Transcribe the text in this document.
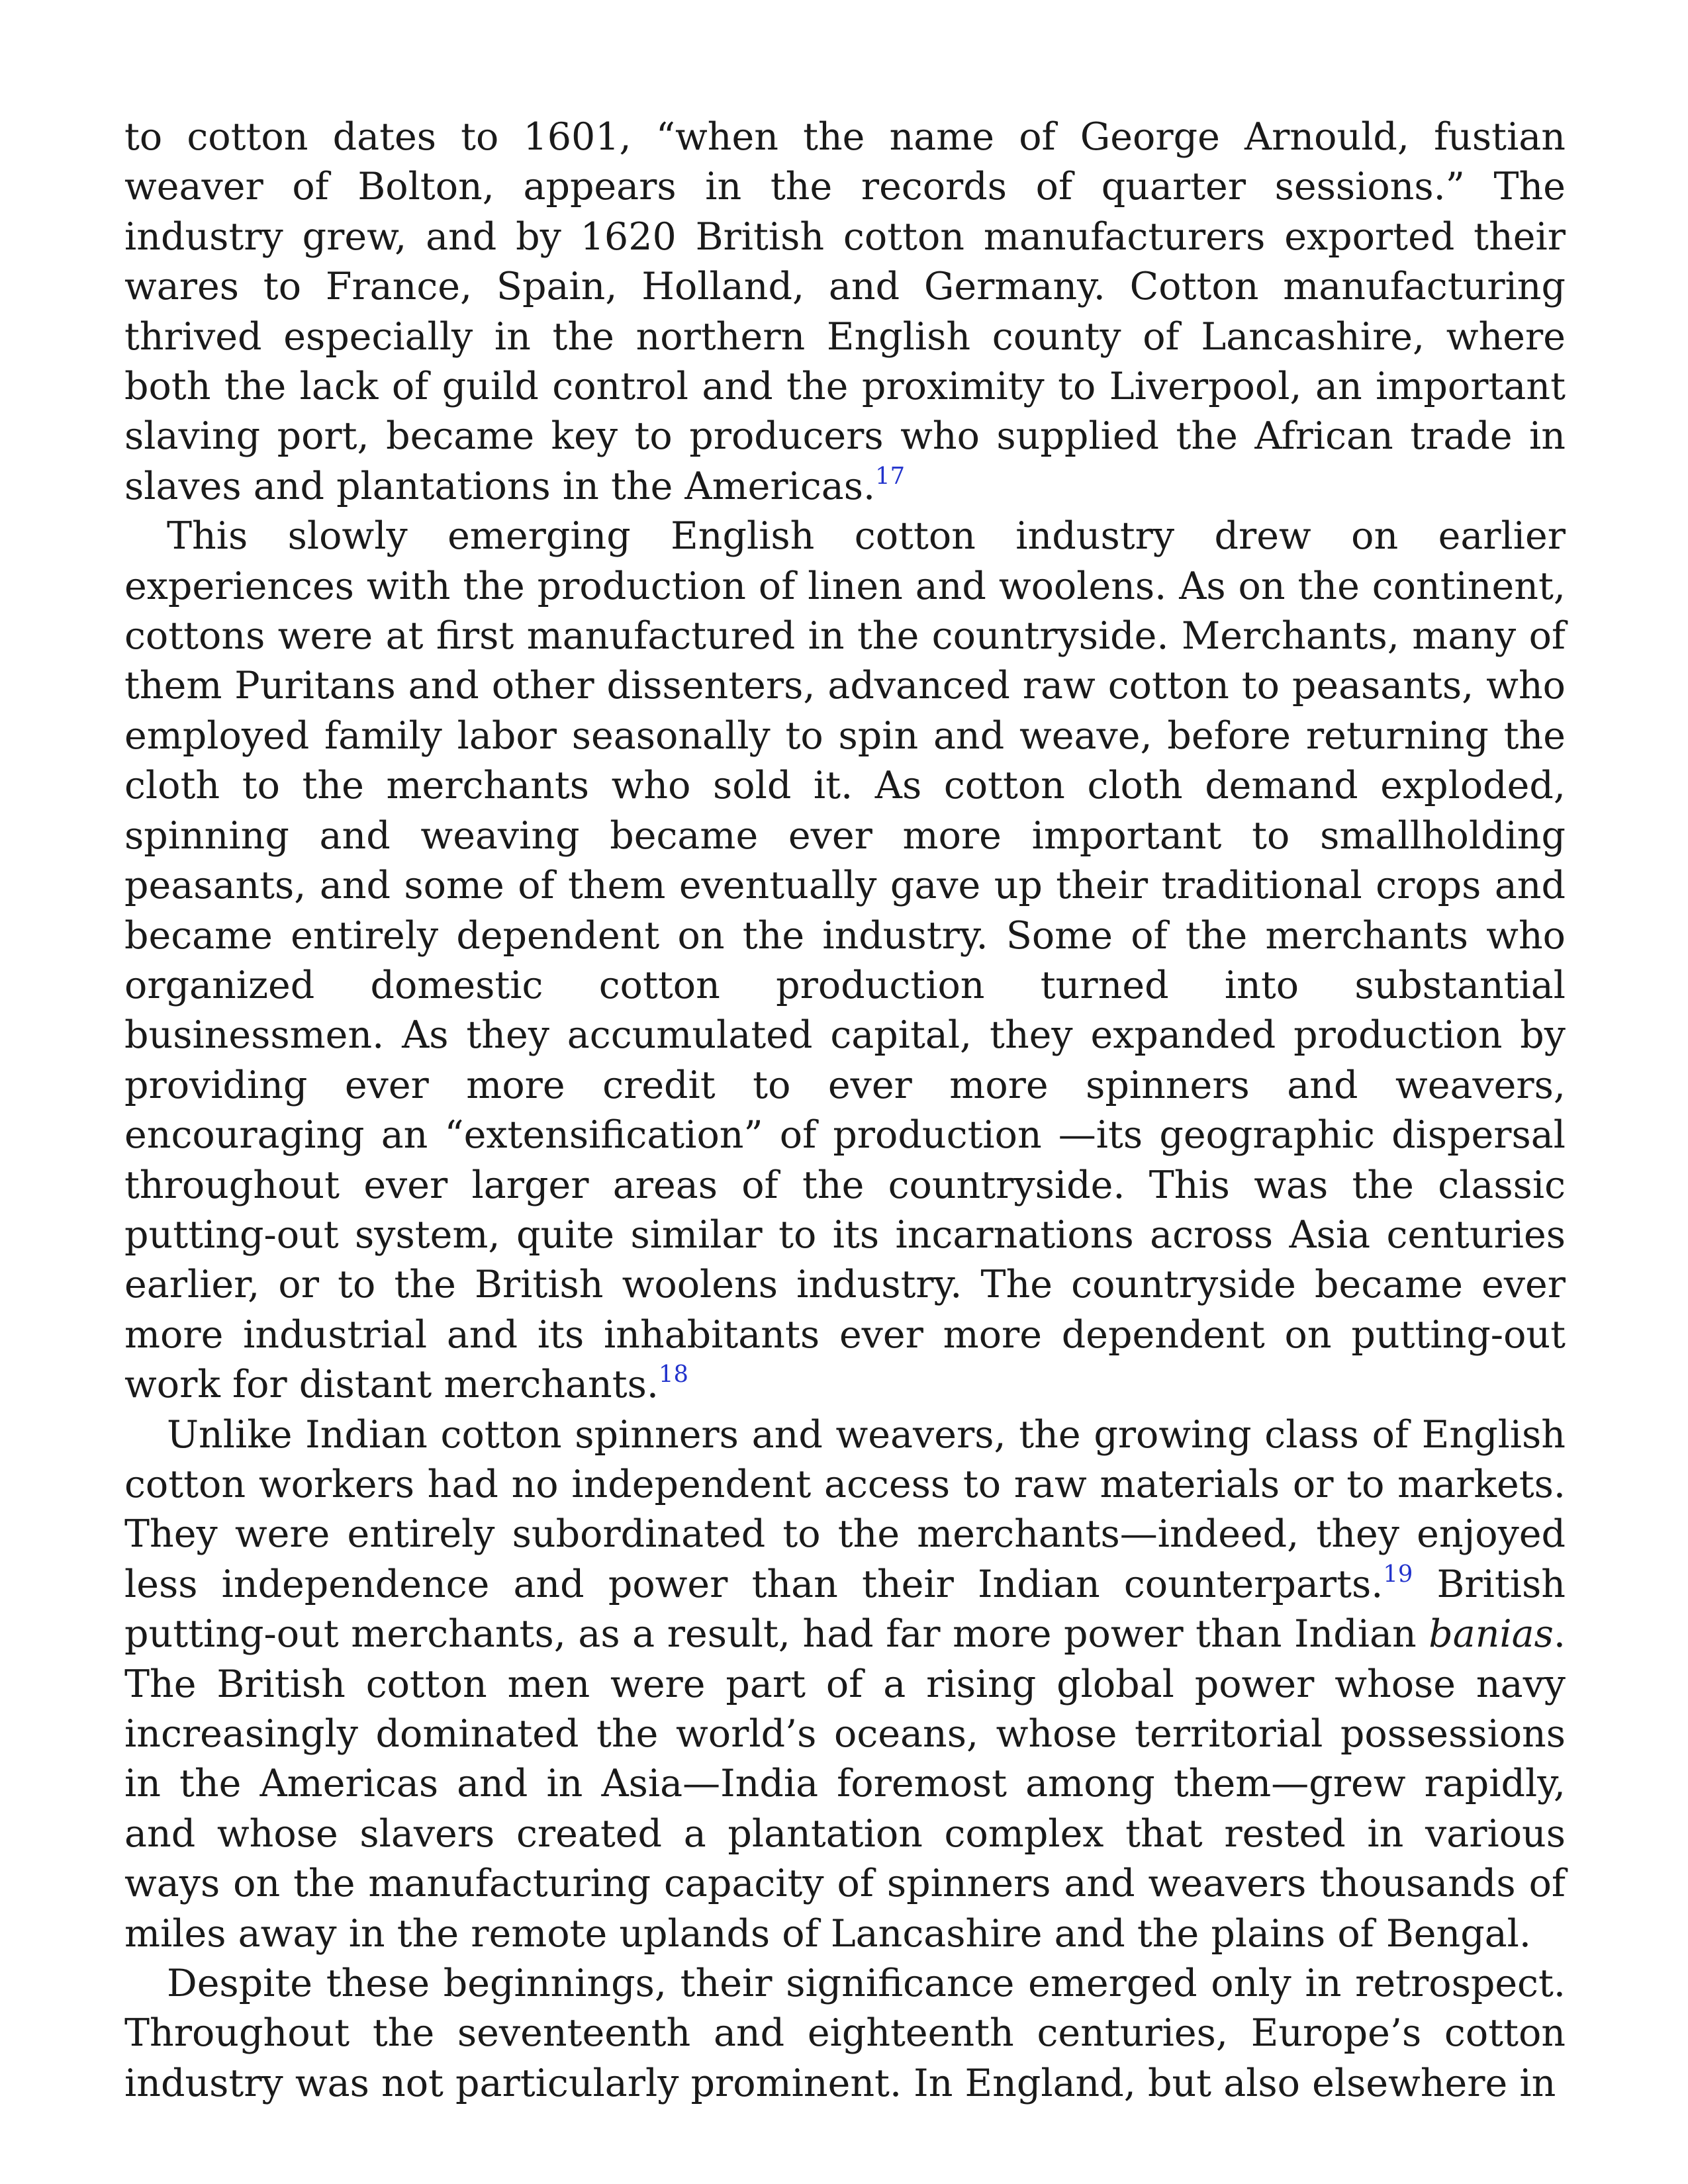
to cotton dates to 1601, “when the name of George Arnould, fustian weaver of Bolton, appears in the records of quarter sessions.” The industry grew, and by 1620 British cotton manufacturers exported their wares to France, Spain, Holland, and Germany. Cotton manufacturing thrived especially in the northern English county of Lancashire, where both the lack of guild control and the proximity to Liverpool, an important slaving port, became key to producers who supplied the African trade in slaves and plantations in the Americas.$^{17}$

This slowly emerging English cotton industry drew on earlier experiences with the production of linen and woolens. As on the continent, cottons were at first manufactured in the countryside. Merchants, many of them Puritans and other dissenters, advanced raw cotton to peasants, who employed family labor seasonally to spin and weave, before returning the cloth to the merchants who sold it. As cotton cloth demand exploded, spinning and weaving became ever more important to smallholding peasants, and some of them eventually gave up their traditional crops and became entirely dependent on the industry. Some of the merchants who organized domestic cotton production turned into substantial businessmen. As they accumulated capital, they expanded production by providing ever more credit to ever more spinners and weavers, encouraging an “extensification” of production —its geographic dispersal throughout ever larger areas of the countryside. This was the classic putting-out system, quite similar to its incarnations across Asia centuries earlier, or to the British woolens industry. The countryside became ever more industrial and its inhabitants ever more dependent on putting-out work for distant merchants.$^{18}$

Unlike Indian cotton spinners and weavers, the growing class of English cotton workers had no independent access to raw materials or to markets. They were entirely subordinated to the merchants—indeed, they enjoyed less independence and power than their Indian counterparts.$^{19}$ British putting-out merchants, as a result, had far more power than Indian banias. The British cotton men were part of a rising global power whose navy increasingly dominated the world’s oceans, whose territorial possessions in the Americas and in Asia—India foremost among them—grew rapidly, and whose slavers created a plantation complex that rested in various ways on the manufacturing capacity of spinners and weavers thousands of miles away in the remote uplands of Lancashire and the plains of Bengal.

Despite these beginnings, their significance emerged only in retrospect. Throughout the seventeenth and eighteenth centuries, Europe’s cotton industry was not particularly prominent. In England, but also elsewhere in
